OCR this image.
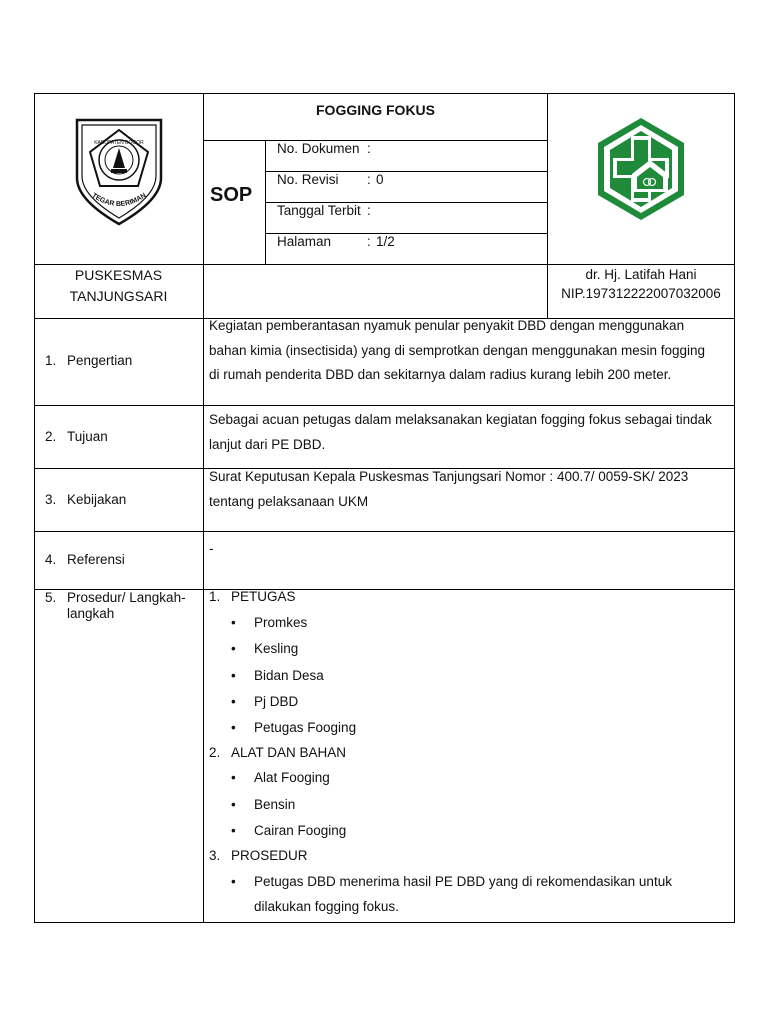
KABUPATEN BOGOR
TEGAR BERIMAN
FOGGING FOKUS
SOP
No. Dokumen :
No. Revisi : 0
Tanggal Terbit :
Halaman	: 1/2
PUSKESMAS
TANJUNGSARI
dr. Hj. Latifah Hani
NIP.197312222007032006
1. Pengertian
Kegiatan pemberantasan nyamuk penular penyakit DBD dengan menggunakan
bahan kimia (insectisida) yang di semprotkan dengan menggunakan mesin fogging
di rumah penderita DBD dan sekitarnya dalam radius kurang lebih 200 meter.
2. Tujuan
Sebagai acuan petugas dalam melaksanakan kegiatan fogging fokus sebagai tindak
lanjut dari PE DBD.
3. Kebijakan
Surat Keputusan Kepala Puskesmas Tanjungsari Nomor : 400.7/ 0059-SK/ 2023
tentang pelaksanaan UKM
4. Referensi
-
5. Prosedur/ Langkah-
langkah
1. PETUGAS
• Promkes
• Kesling
• Bidan Desa
• Pj DBD
• Petugas Fooging
2. ALAT DAN BAHAN
• Alat Fooging
• Bensin
• Cairan Fooging
3. PROSEDUR
• Petugas DBD menerima hasil PE DBD yang di rekomendasikan untuk
dilakukan fogging fokus.
